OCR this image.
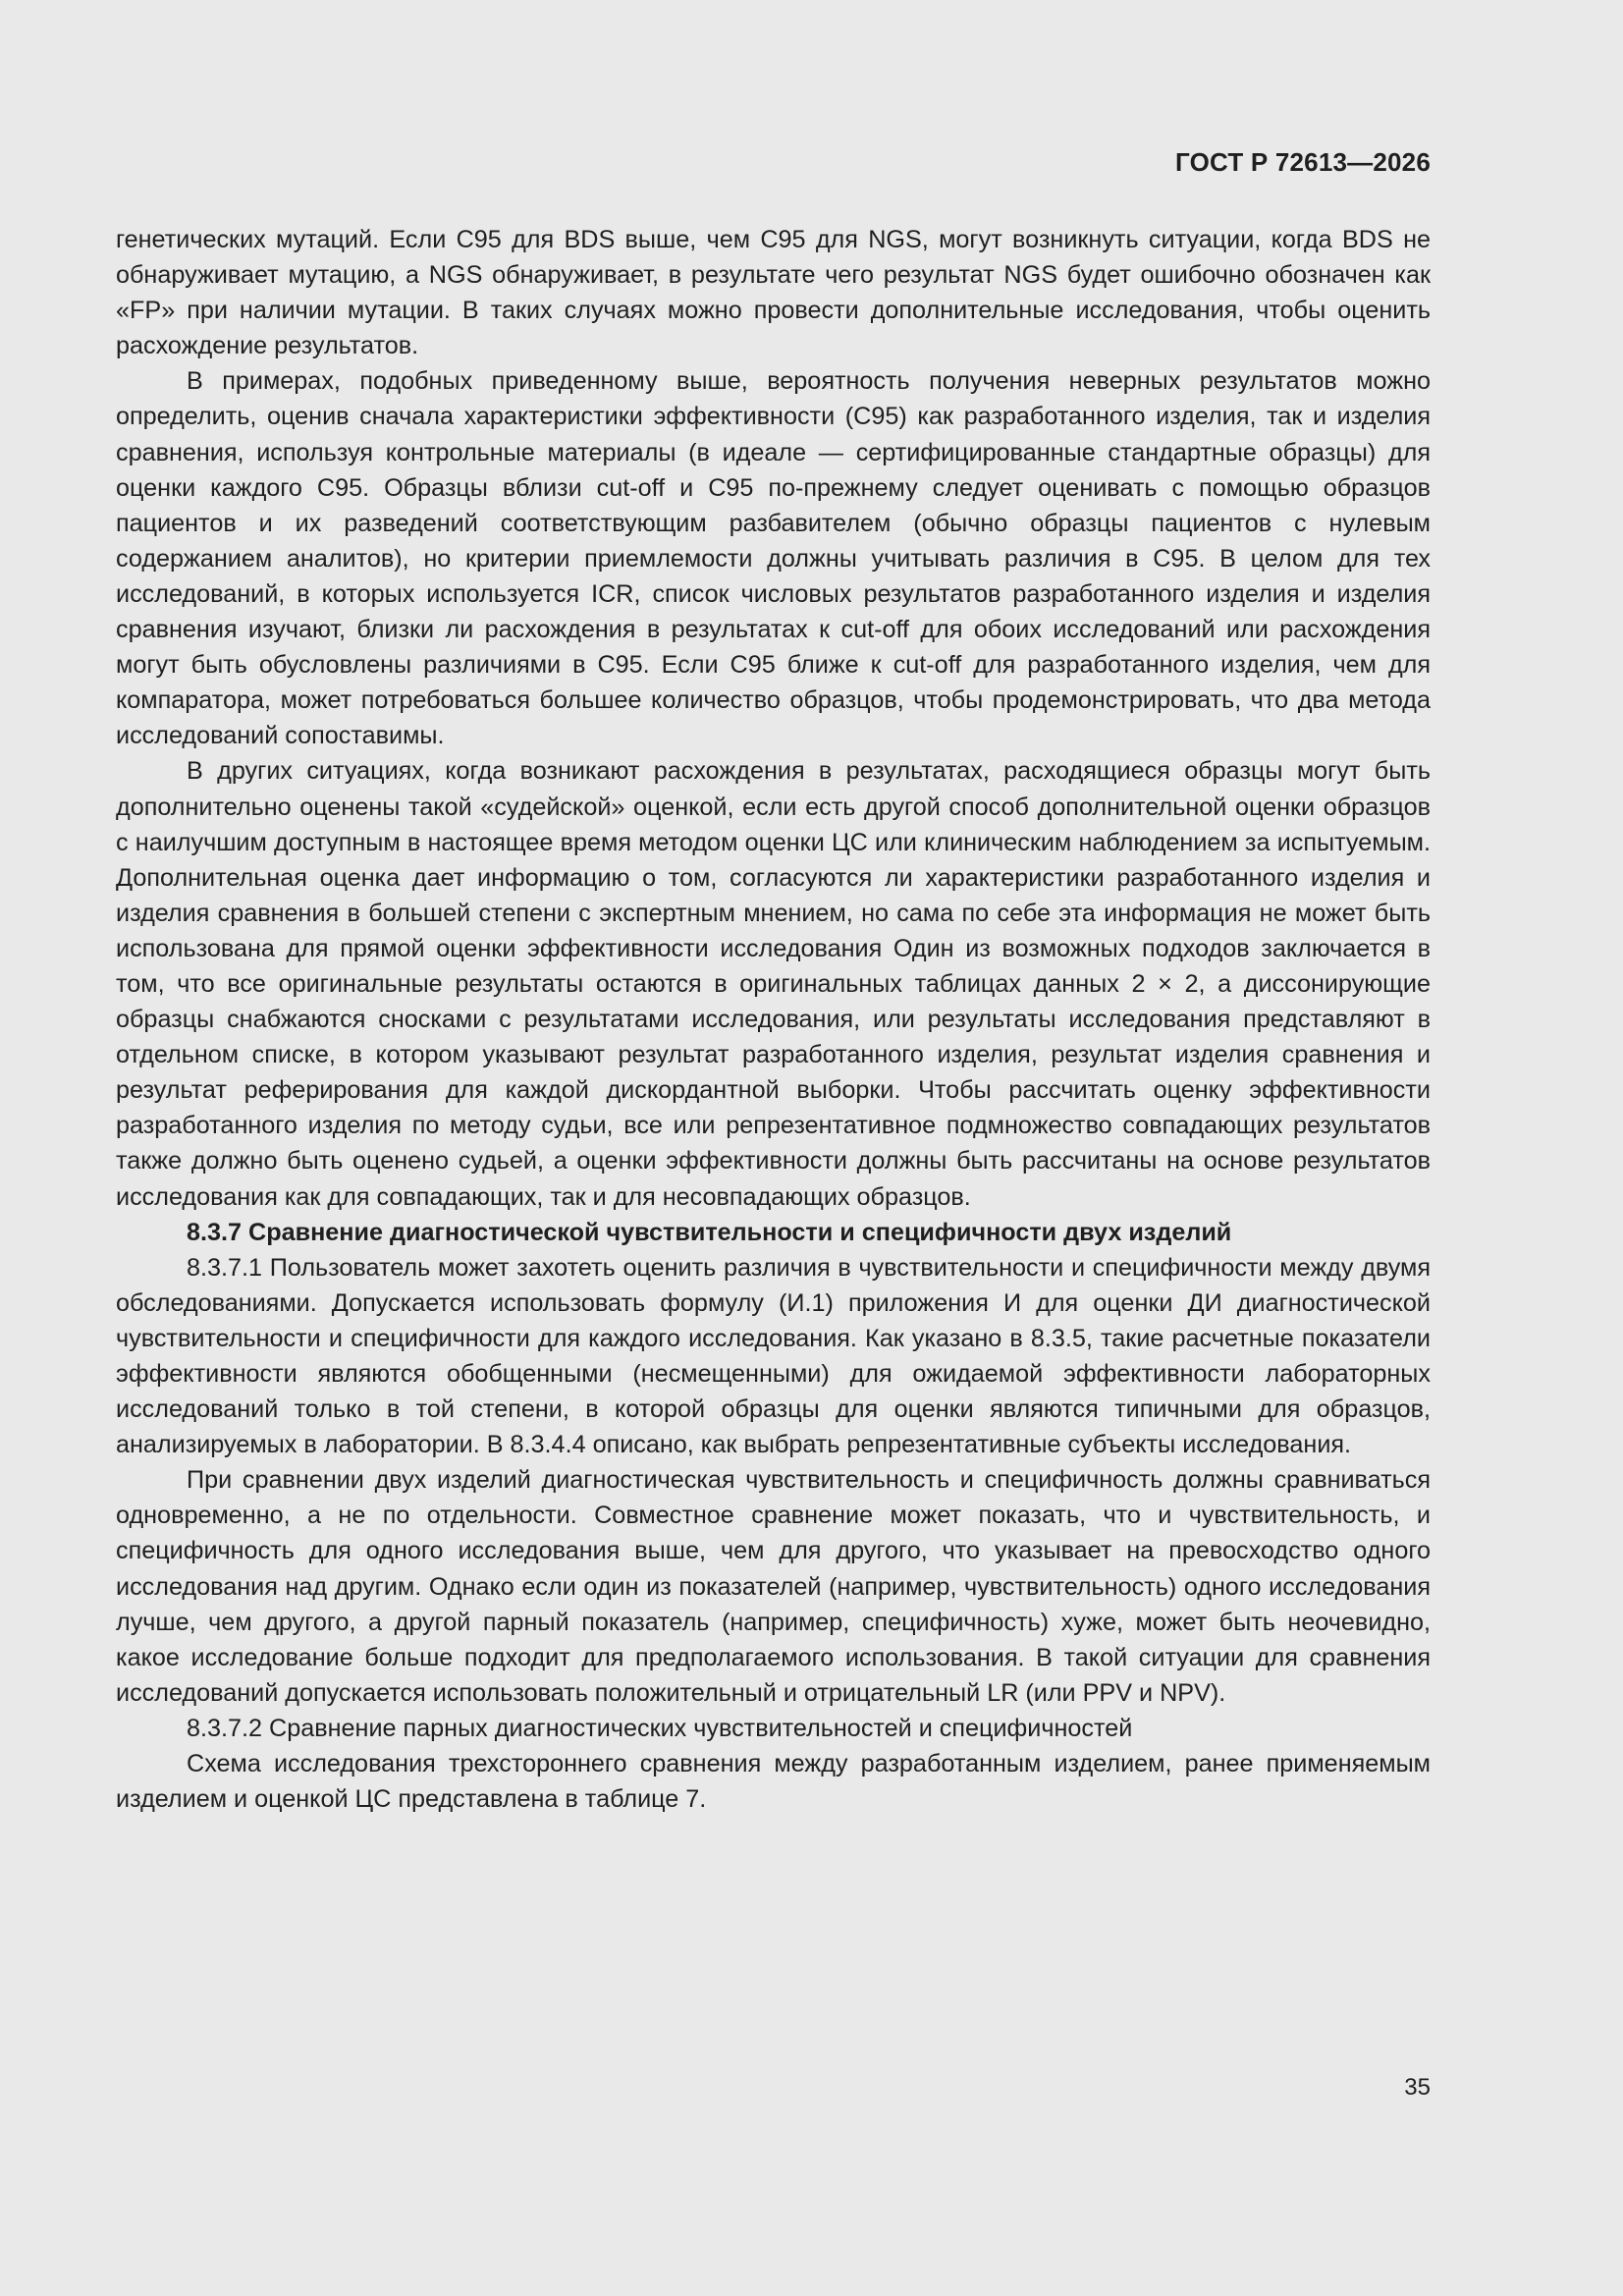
ГОСТ Р 72613—2026

генетических мутаций. Если C95 для BDS выше, чем C95 для NGS, могут возникнуть ситуации, когда BDS не обнаруживает мутацию, а NGS обнаруживает, в результате чего результат NGS будет ошибочно обозначен как «FP» при наличии мутации. В таких случаях можно провести дополнительные исследования, чтобы оценить расхождение результатов.

В примерах, подобных приведенному выше, вероятность получения неверных результатов можно определить, оценив сначала характеристики эффективности (С95) как разработанного изделия, так и изделия сравнения, используя контрольные материалы (в идеале — сертифицированные стандартные образцы) для оценки каждого С95. Образцы вблизи cut-off и С95 по-прежнему следует оценивать с помощью образцов пациентов и их разведений соответствующим разбавителем (обычно образцы пациентов с нулевым содержанием аналитов), но критерии приемлемости должны учитывать различия в С95. В целом для тех исследований, в которых используется ICR, список числовых результатов разработанного изделия и изделия сравнения изучают, близки ли расхождения в результатах к cut-off для обоих исследований или расхождения могут быть обусловлены различиями в С95. Если С95 ближе к cut-off для разработанного изделия, чем для компаратора, может потребоваться большее количество образцов, чтобы продемонстрировать, что два метода исследований сопоставимы.

В других ситуациях, когда возникают расхождения в результатах, расходящиеся образцы могут быть дополнительно оценены такой «судейской» оценкой, если есть другой способ дополнительной оценки образцов с наилучшим доступным в настоящее время методом оценки ЦС или клиническим наблюдением за испытуемым. Дополнительная оценка дает информацию о том, согласуются ли характеристики разработанного изделия и изделия сравнения в большей степени с экспертным мнением, но сама по себе эта информация не может быть использована для прямой оценки эффективности исследования Один из возможных подходов заключается в том, что все оригинальные результаты остаются в оригинальных таблицах данных 2 × 2, а диссонирующие образцы снабжаются сносками с результатами исследования, или результаты исследования представляют в отдельном списке, в котором указывают результат разработанного изделия, результат изделия сравнения и результат реферирования для каждой дискордантной выборки. Чтобы рассчитать оценку эффективности разработанного изделия по методу судьи, все или репрезентативное подмножество совпадающих результатов также должно быть оценено судьей, а оценки эффективности должны быть рассчитаны на основе результатов исследования как для совпадающих, так и для несовпадающих образцов.

8.3.7 Сравнение диагностической чувствительности и специфичности двух изделий

8.3.7.1 Пользователь может захотеть оценить различия в чувствительности и специфичности между двумя обследованиями. Допускается использовать формулу (И.1) приложения И для оценки ДИ диагностической чувствительности и специфичности для каждого исследования. Как указано в 8.3.5, такие расчетные показатели эффективности являются обобщенными (несмещенными) для ожидаемой эффективности лабораторных исследований только в той степени, в которой образцы для оценки являются типичными для образцов, анализируемых в лаборатории. В 8.3.4.4 описано, как выбрать репрезентативные субъекты исследования.

При сравнении двух изделий диагностическая чувствительность и специфичность должны сравниваться одновременно, а не по отдельности. Совместное сравнение может показать, что и чувствительность, и специфичность для одного исследования выше, чем для другого, что указывает на превосходство одного исследования над другим. Однако если один из показателей (например, чувствительность) одного исследования лучше, чем другого, а другой парный показатель (например, специфичность) хуже, может быть неочевидно, какое исследование больше подходит для предполагаемого использования. В такой ситуации для сравнения исследований допускается использовать положительный и отрицательный LR (или PPV и NPV).

8.3.7.2 Сравнение парных диагностических чувствительностей и специфичностей

Схема исследования трехстороннего сравнения между разработанным изделием, ранее применяемым изделием и оценкой ЦС представлена в таблице 7.

35
